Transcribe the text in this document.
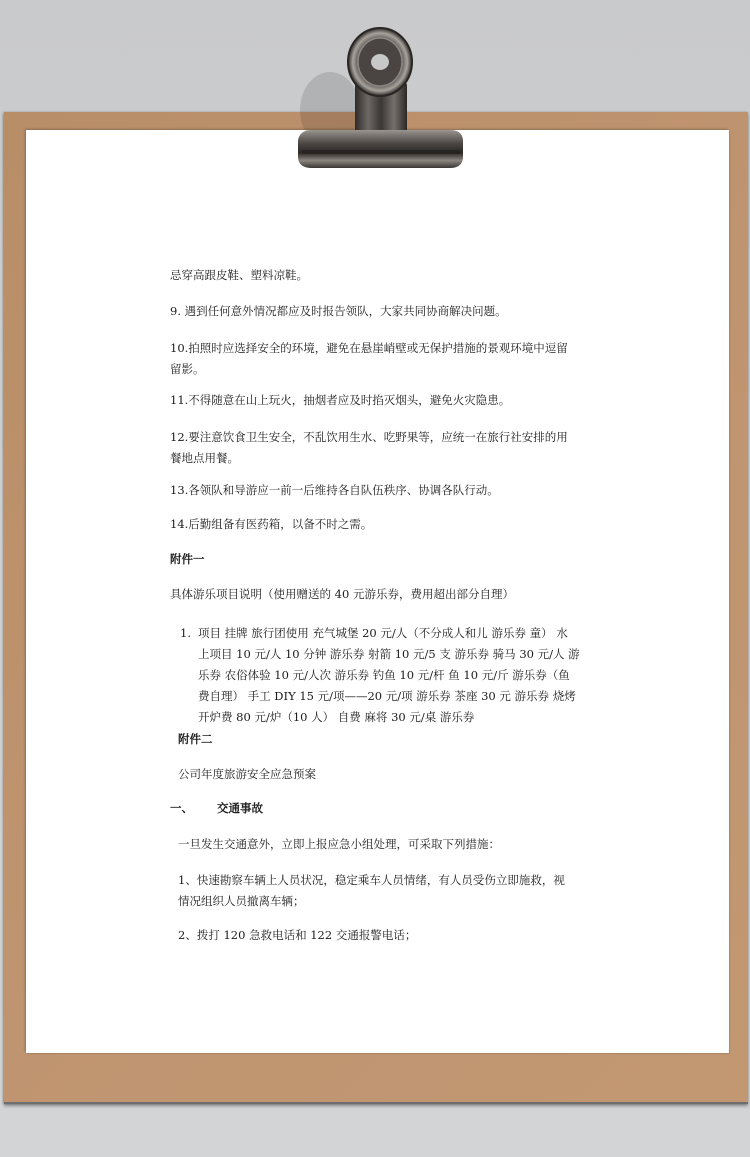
忌穿高跟皮鞋、塑料凉鞋。
9. 遇到任何意外情况都应及时报告领队，大家共同协商解决问题。
10.拍照时应选择安全的环境，避免在悬崖峭壁或无保护措施的景观环境中逗留
留影。
11.不得随意在山上玩火，抽烟者应及时掐灭烟头，避免火灾隐患。
12.要注意饮食卫生安全，不乱饮用生水、吃野果等，应统一在旅行社安排的用
餐地点用餐。
13.各领队和导游应一前一后维持各自队伍秩序、协调各队行动。
14.后勤组备有医药箱，以备不时之需。
附件一
具体游乐项目说明（使用赠送的 40 元游乐券，费用超出部分自理）
1. 项目 挂牌 旅行团使用 充气城堡 20 元/人（不分成人和儿 游乐券 童） 水
上项目 10 元/人 10 分钟 游乐券 射箭 10 元/5 支 游乐券 骑马 30 元/人 游
乐券 农俗体验 10 元/人次 游乐券 钓鱼 10 元/杆 鱼 10 元/斤 游乐券（鱼
费自理） 手工 DIY 15 元/项——20 元/项 游乐券 茶座 30 元 游乐券 烧烤
开炉费 80 元/炉（10 人） 自费 麻将 30 元/桌 游乐券
附件二
公司年度旅游安全应急预案
一、 交通事故
一旦发生交通意外，立即上报应急小组处理，可采取下列措施：
1、快速勘察车辆上人员状况，稳定乘车人员情绪，有人员受伤立即施救，视
情况组织人员撤离车辆；
2、拨打 120 急救电话和 122 交通报警电话；
